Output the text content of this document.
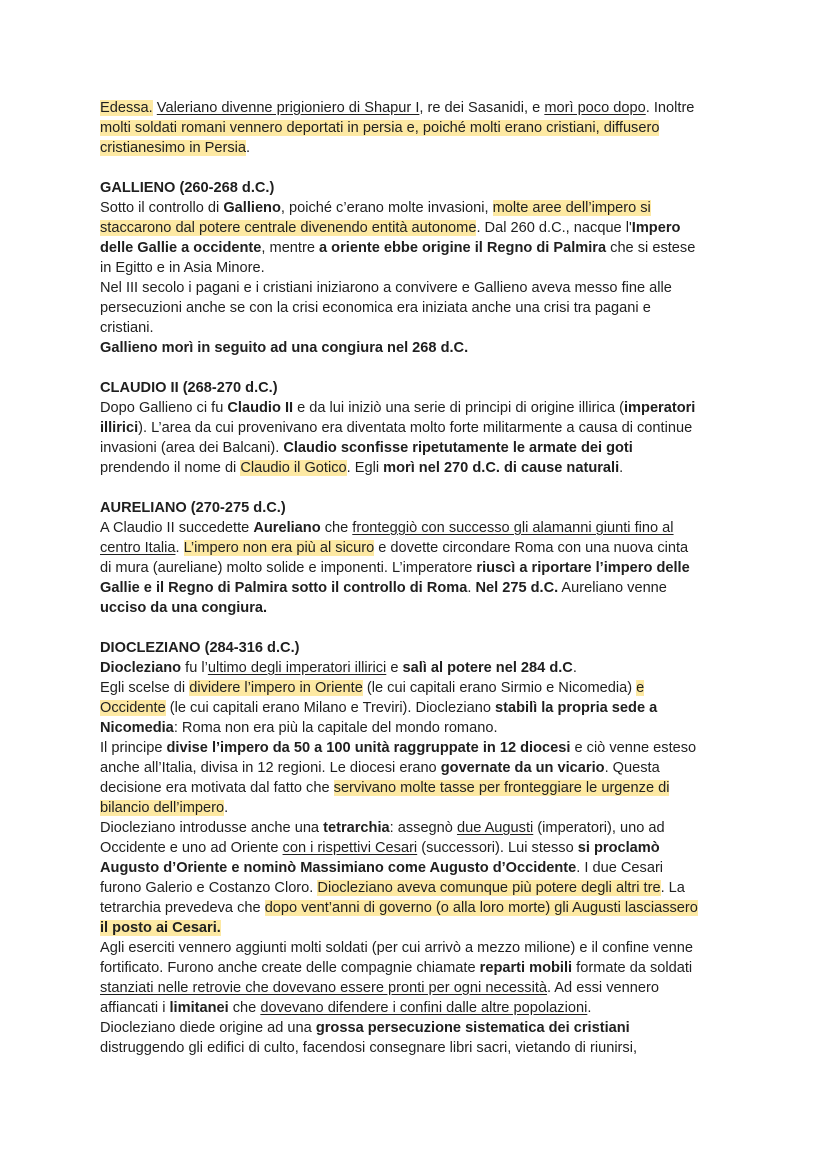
Edessa. Valeriano divenne prigioniero di Shapur I, re dei Sasanidi, e morì poco dopo. Inoltre
molti soldati romani vennero deportati in persia e, poiché molti erano cristiani, diffusero
cristianesimo in Persia.
GALLIENO (260-268 d.C.)
Sotto il controllo di Gallieno, poiché c’erano molte invasioni, molte aree dell’impero si
staccarono dal potere centrale divenendo entità autonome. Dal 260 d.C., nacque l'Impero
delle Gallie a occidente, mentre a oriente ebbe origine il Regno di Palmira che si estese
in Egitto e in Asia Minore.
Nel III secolo i pagani e i cristiani iniziarono a convivere e Gallieno aveva messo fine alle
persecuzioni anche se con la crisi economica era iniziata anche una crisi tra pagani e
cristiani.
Gallieno morì in seguito ad una congiura nel 268 d.C.
CLAUDIO II (268-270 d.C.)
Dopo Gallieno ci fu Claudio II e da lui iniziò una serie di principi di origine illirica (imperatori
illirici). L’area da cui provenivano era diventata molto forte militarmente a causa di continue
invasioni (area dei Balcani). Claudio sconfisse ripetutamente le armate dei goti
prendendo il nome di Claudio il Gotico. Egli morì nel 270 d.C. di cause naturali.
AURELIANO (270-275 d.C.)
A Claudio II succedette Aureliano che fronteggiò con successo gli alamanni giunti fino al
centro Italia. L’impero non era più al sicuro e dovette circondare Roma con una nuova cinta
di mura (aureliane) molto solide e imponenti. L’imperatore riuscì a riportare l’impero delle
Gallie e il Regno di Palmira sotto il controllo di Roma. Nel 275 d.C. Aureliano venne
ucciso da una congiura.
DIOCLEZIANO (284-316 d.C.)
Diocleziano fu l’ultimo degli imperatori illirici e salì al potere nel 284 d.C.
Egli scelse di dividere l’impero in Oriente (le cui capitali erano Sirmio e Nicomedia) e
Occidente (le cui capitali erano Milano e Treviri). Diocleziano stabilì la propria sede a
Nicomedia: Roma non era più la capitale del mondo romano.
Il principe divise l’impero da 50 a 100 unità raggruppate in 12 diocesi e ciò venne esteso
anche all’Italia, divisa in 12 regioni. Le diocesi erano governate da un vicario. Questa
decisione era motivata dal fatto che servivano molte tasse per fronteggiare le urgenze di
bilancio dell’impero.
Diocleziano introdusse anche una tetrarchia: assegnò due Augusti (imperatori), uno ad
Occidente e uno ad Oriente con i rispettivi Cesari (successori). Lui stesso si proclamò
Augusto d’Oriente e nominò Massimiano come Augusto d’Occidente. I due Cesari
furono Galerio e Costanzo Cloro. Diocleziano aveva comunque più potere degli altri tre. La
tetrarchia prevedeva che dopo vent’anni di governo (o alla loro morte) gli Augusti lasciassero
il posto ai Cesari.
Agli eserciti vennero aggiunti molti soldati (per cui arrivò a mezzo milione) e il confine venne
fortificato. Furono anche create delle compagnie chiamate reparti mobili formate da soldati
stanziati nelle retrovie che dovevano essere pronti per ogni necessità. Ad essi vennero
affiancati i limitanei che dovevano difendere i confini dalle altre popolazioni.
Diocleziano diede origine ad una grossa persecuzione sistematica dei cristiani
distruggendo gli edifici di culto, facendosi consegnare libri sacri, vietando di riunirsi,
